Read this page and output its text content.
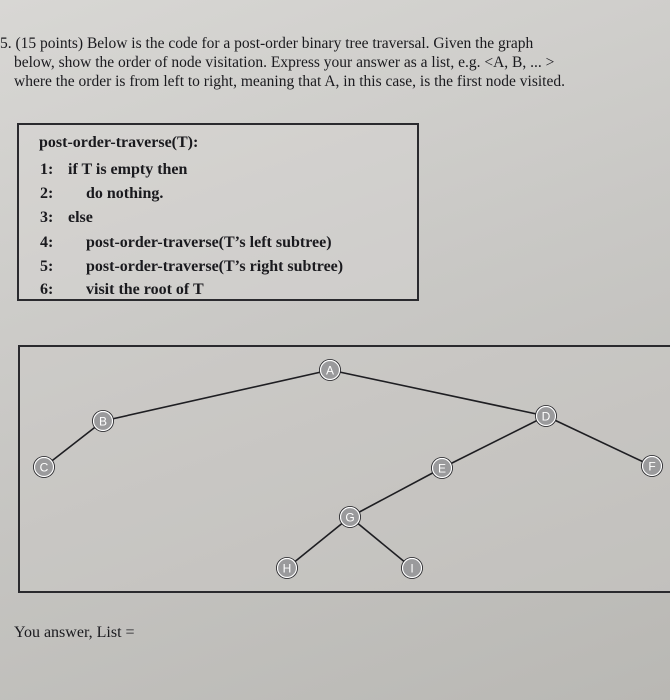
5. (15 points) Below is the code for a post-order binary tree traversal. Given the graph
below, show the order of node visitation. Express your answer as a list, e.g. <A, B, ... >
where the order is from left to right, meaning that A, in this case, is the first node visited.
post-order-traverse(T):
1: if T is empty then
2: do nothing.
3: else
4: post-order-traverse(T’s left subtree)
5: post-order-traverse(T’s right subtree)
6: visit the root of T
A
B
C
D
E	F
G
H	I
You answer, List =
